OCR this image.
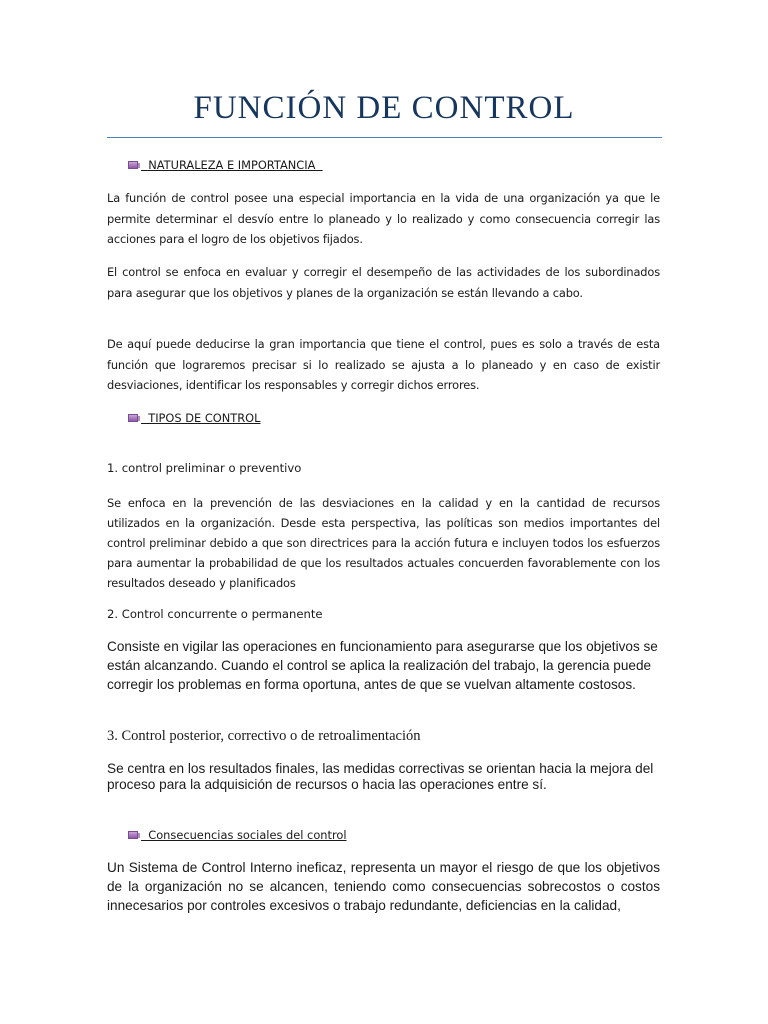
FUNCIÓN DE CONTROL
NATURALEZA E IMPORTANCIA

La función de control posee una especial importancia en la vida de una organización ya que le permite determinar el desvío entre lo planeado y lo realizado y como consecuencia corregir las acciones para el logro de los objetivos fijados.

El control se enfoca en evaluar y corregir el desempeño de las actividades de los subordinados para asegurar que los objetivos y planes de la organización se están llevando a cabo.

De aquí puede deducirse la gran importancia que tiene el control, pues es solo a través de esta función que lograremos precisar si lo realizado se ajusta a lo planeado y en caso de existir desviaciones, identificar los responsables y corregir dichos errores.

TIPOS DE CONTROL

1. control preliminar o preventivo

Se enfoca en la prevención de las desviaciones en la calidad y en la cantidad de recursos utilizados en la organización. Desde esta perspectiva, las políticas son medios importantes del control preliminar debido a que son directrices para la acción futura e incluyen todos los esfuerzos para aumentar la probabilidad de que los resultados actuales concuerden favorablemente con los resultados deseado y planificados

2. Control concurrente o permanente

Consiste en vigilar las operaciones en funcionamiento para asegurarse que los objetivos se están alcanzando. Cuando el control se aplica la realización del trabajo, la gerencia puede corregir los problemas en forma oportuna, antes de que se vuelvan altamente costosos.

3. Control posterior, correctivo o de retroalimentación

Se centra en los resultados finales, las medidas correctivas se orientan hacia la mejora del proceso para la adquisición de recursos o hacia las operaciones entre sí.

Consecuencias sociales del control

Un Sistema de Control Interno ineficaz, representa un mayor el riesgo de que los objetivos de la organización no se alcancen, teniendo como consecuencias sobrecostos o costos innecesarios por controles excesivos o trabajo redundante, deficiencias en la calidad,
